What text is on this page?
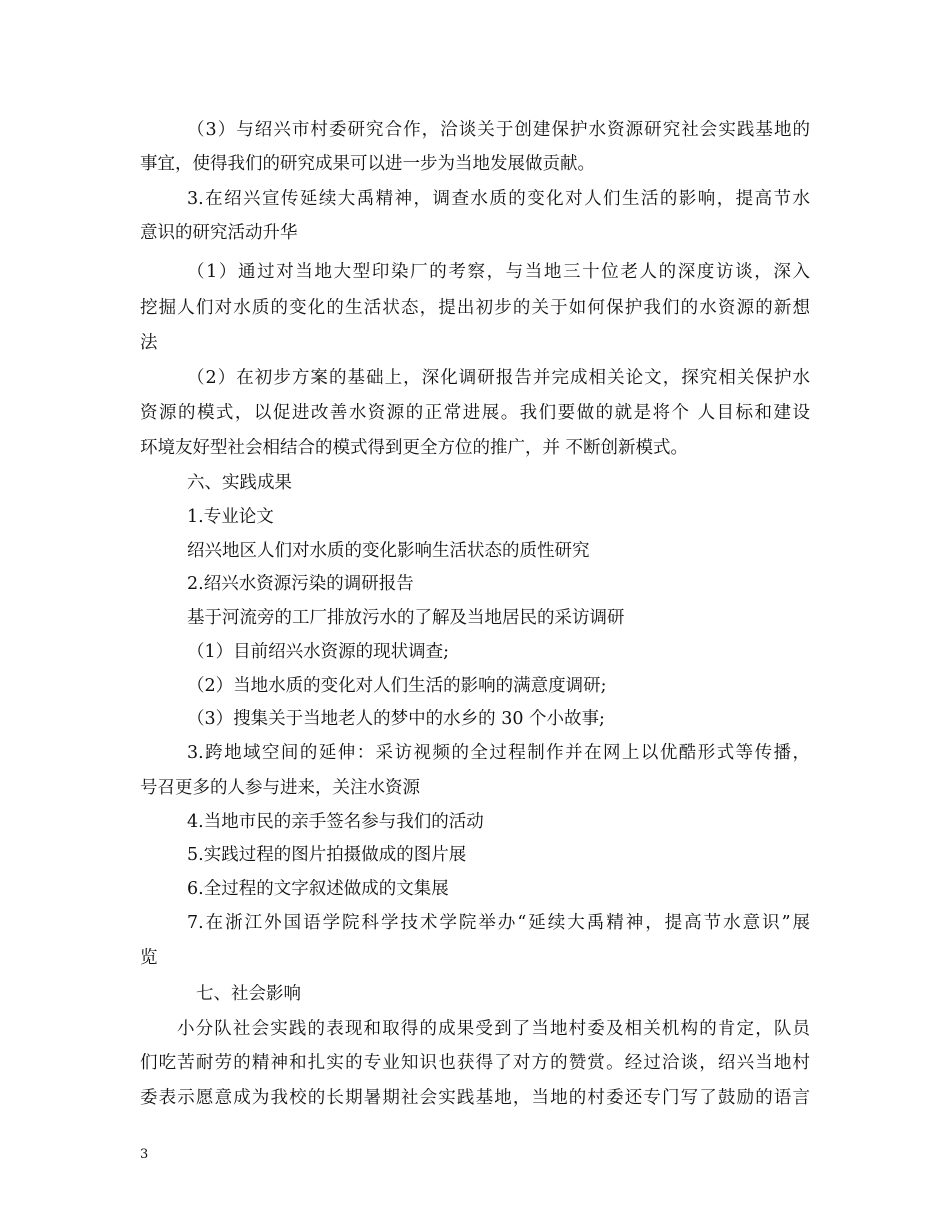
（3）与绍兴市村委研究合作，洽谈关于创建保护水资源研究社会实践基地的
事宜，使得我们的研究成果可以进一步为当地发展做贡献。
3.在绍兴宣传延续大禹精神，调查水质的变化对人们生活的影响，提高节水
意识的研究活动升华
（1）通过对当地大型印染厂的考察，与当地三十位老人的深度访谈，深入
挖掘人们对水质的变化的生活状态，提出初步的关于如何保护我们的水资源的新想
法
（2）在初步方案的基础上，深化调研报告并完成相关论文，探究相关保护水
资源的模式，以促进改善水资源的正常进展。我们要做的就是将个 人目标和建设
环境友好型社会相结合的模式得到更全方位的推广，并 不断创新模式。
六、实践成果
1.专业论文
绍兴地区人们对水质的变化影响生活状态的质性研究
2.绍兴水资源污染的调研报告
基于河流旁的工厂排放污水的了解及当地居民的采访调研
（1）目前绍兴水资源的现状调查;
（2）当地水质的变化对人们生活的影响的满意度调研;
（3）搜集关于当地老人的梦中的水乡的 30 个小故事;
3.跨地域空间的延伸：采访视频的全过程制作并在网上以优酷形式等传播，
号召更多的人参与进来，关注水资源
4.当地市民的亲手签名参与我们的活动
5.实践过程的图片拍摄做成的图片展
6.全过程的文字叙述做成的文集展
7.在浙江外国语学院科学技术学院举办“延续大禹精神，提高节水意识”展
览
七、社会影响
小分队社会实践的表现和取得的成果受到了当地村委及相关机构的肯定，队员
们吃苦耐劳的精神和扎实的专业知识也获得了对方的赞赏。经过洽谈，绍兴当地村
委表示愿意成为我校的长期暑期社会实践基地，当地的村委还专门写了鼓励的语言
3
